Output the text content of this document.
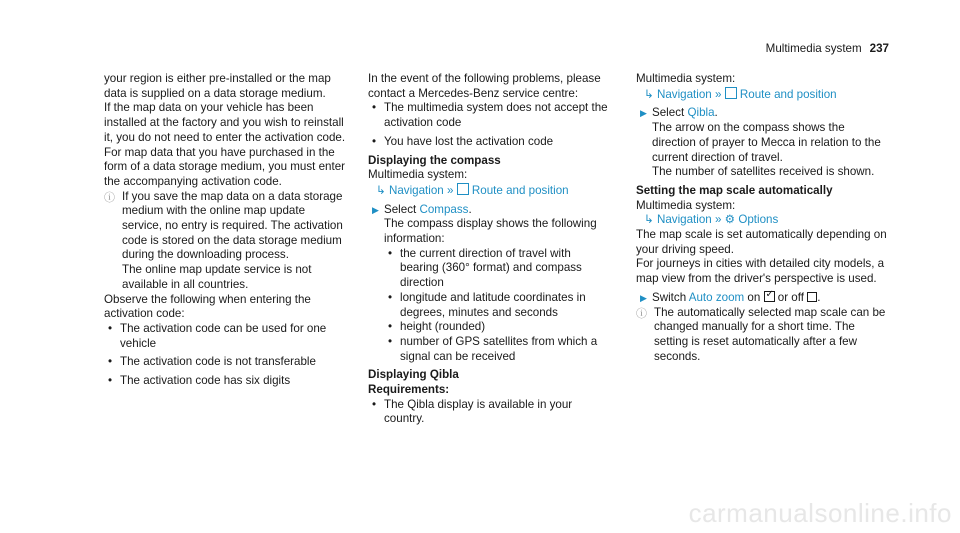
Multimedia system 237

your region is either pre-installed or the map data is supplied on a data storage medium.

If the map data on your vehicle has been installed at the factory and you wish to reinstall it, you do not need to enter the activation code.

For map data that you have purchased in the form of a data storage medium, you must enter the accompanying activation code.

ⓘ If you save the map data on a data storage medium with the online map update service, no entry is required. The activation code is stored on the data storage medium during the downloading process.

The online map update service is not available in all countries.

Observe the following when entering the activation code:

• The activation code can be used for one vehicle
• The activation code is not transferable
• The activation code has six digits

In the event of the following problems, please contact a Mercedes-Benz service centre:

• The multimedia system does not accept the activation code
• You have lost the activation code

Displaying the compass

Multimedia system:

↳ Navigation » Route and position

▶ Select Compass.

The compass display shows the following information:

• the current direction of travel with bearing (360° format) and compass direction
• longitude and latitude coordinates in degrees, minutes and seconds
• height (rounded)
• number of GPS satellites from which a signal can be received

Displaying Qibla

Requirements:

• The Qibla display is available in your country.

Multimedia system:

↳ Navigation » Route and position

▶ Select Qibla.

The arrow on the compass shows the direction of prayer to Mecca in relation to the current direction of travel.

The number of satellites received is shown.

Setting the map scale automatically

Multimedia system:

↳ Navigation » ⚙ Options

The map scale is set automatically depending on your driving speed.

For journeys in cities with detailed city models, a map view from the driver's perspective is used.

▶ Switch Auto zoom on ✓ or off .
ⓘ The automatically selected map scale can be changed manually for a short time. The setting is reset automatically after a few seconds.

carmanualsonline.info
